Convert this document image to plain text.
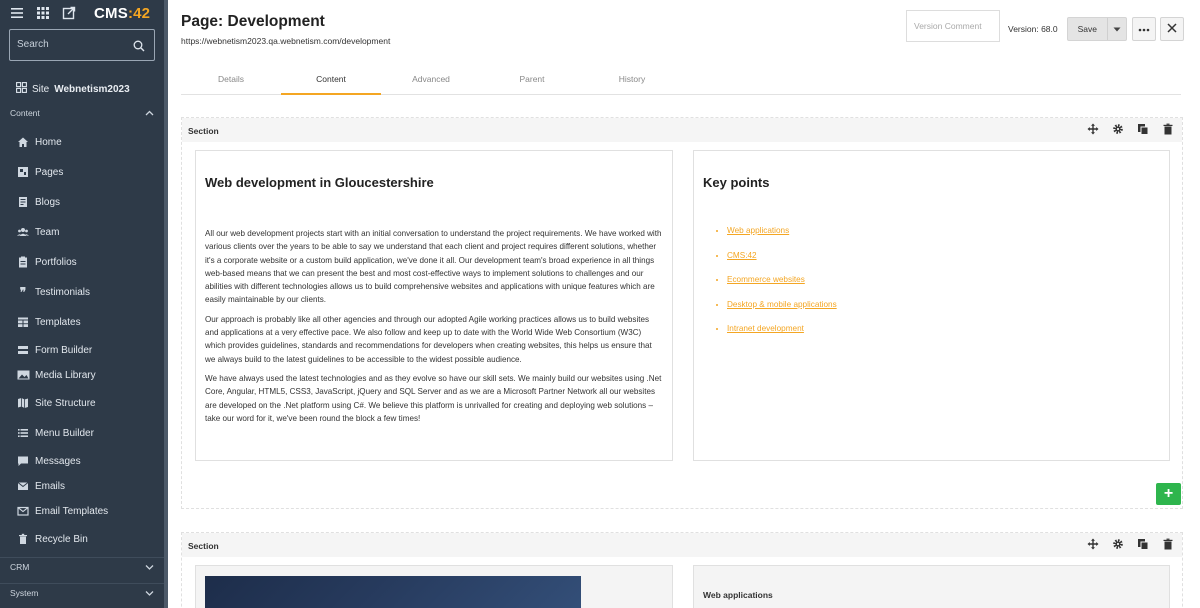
CMS:42
Search
Site Webnetism2023
Content
Home
Pages
Blogs
Team
Portfolios
❞ Testimonials
Templates
Form Builder
Media Library
Site Structure
Menu Builder
Messages
Emails
Email Templates
Recycle Bin
CRM
System
Page: Development
https://webnetism2023.qa.webnetism.com/development
Version Comment	Version: 68.0	Save
Details	Content	Advanced	Parent	History
Section
Web development in Gloucestershire

All our web development projects start with an initial conversation to understand the project requirements. We have worked with various clients over the years to be able to say we understand that each client and project requires different solutions, whether it's a corporate website or a custom build application, we've done it all. Our development team's broad experience in all things web-based means that we can present the best and most cost-effective ways to implement solutions to challenges and our abilities with different technologies allows us to build comprehensive websites and applications with unique features which are easily maintainable by our clients.

Our approach is probably like all other agencies and through our adopted Agile working practices allows us to build websites and applications at a very effective pace. We also follow and keep up to date with the World Wide Web Consortium (W3C) which provides guidelines, standards and recommendations for developers when creating websites, this helps us ensure that we always build to the latest guidelines to be accessible to the widest possible audience.

We have always used the latest technologies and as they evolve so have our skill sets. We mainly build our websites using .Net Core, Angular, HTML5, CSS3, JavaScript, jQuery and SQL Server and as we are a Microsoft Partner Network all our websites are developed on the .Net platform using C#. We believe this platform is unrivalled for creating and deploying web solutions – take our word for it, we've been round the block a few times!

Key points
• Web applications
• CMS:42
• Ecommerce websites
• Desktop & mobile applications
• Intranet development
+
Section
Web applications
